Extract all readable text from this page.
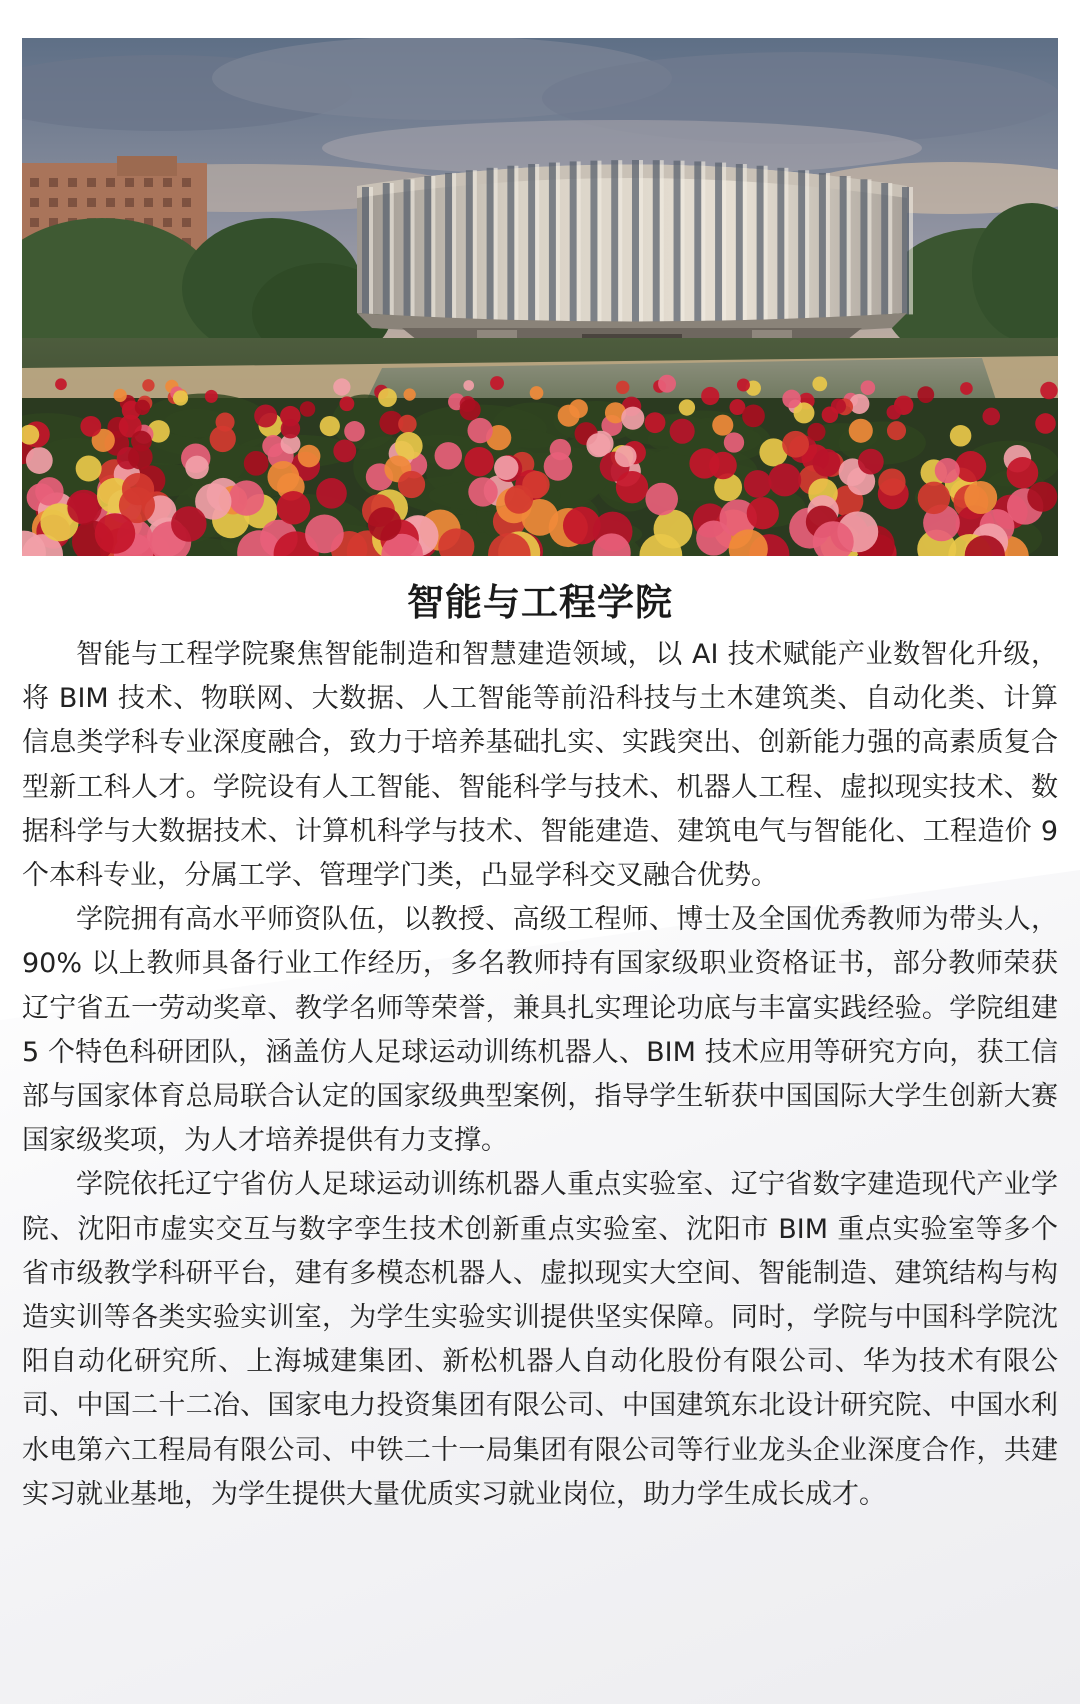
智能与工程学院

智能与工程学院聚焦智能制造和智慧建造领域，以 AI 技术赋能产业数智化升级，将 BIM 技术、物联网、大数据、人工智能等前沿科技与土木建筑类、自动化类、计算信息类学科专业深度融合，致力于培养基础扎实、实践突出、创新能力强的高素质复合型新工科人才。学院设有人工智能、智能科学与技术、机器人工程、虚拟现实技术、数据科学与大数据技术、计算机科学与技术、智能建造、建筑电气与智能化、工程造价 9 个本科专业，分属工学、管理学门类，凸显学科交叉融合优势。

学院拥有高水平师资队伍，以教授、高级工程师、博士及全国优秀教师为带头人，90% 以上教师具备行业工作经历，多名教师持有国家级职业资格证书，部分教师荣获辽宁省五一劳动奖章、教学名师等荣誉，兼具扎实理论功底与丰富实践经验。学院组建 5 个特色科研团队，涵盖仿人足球运动训练机器人、BIM 技术应用等研究方向，获工信部与国家体育总局联合认定的国家级典型案例，指导学生斩获中国国际大学生创新大赛国家级奖项，为人才培养提供有力支撑。

学院依托辽宁省仿人足球运动训练机器人重点实验室、辽宁省数字建造现代产业学院、沈阳市虚实交互与数字孪生技术创新重点实验室、沈阳市 BIM 重点实验室等多个省市级教学科研平台，建有多模态机器人、虚拟现实大空间、智能制造、建筑结构与构造实训等各类实验实训室，为学生实验实训提供坚实保障。同时，学院与中国科学院沈阳自动化研究所、上海城建集团、新松机器人自动化股份有限公司、华为技术有限公司、中国二十二冶、国家电力投资集团有限公司、中国建筑东北设计研究院、中国水利水电第六工程局有限公司、中铁二十一局集团有限公司等行业龙头企业深度合作，共建实习就业基地，为学生提供大量优质实习就业岗位，助力学生成长成才。
